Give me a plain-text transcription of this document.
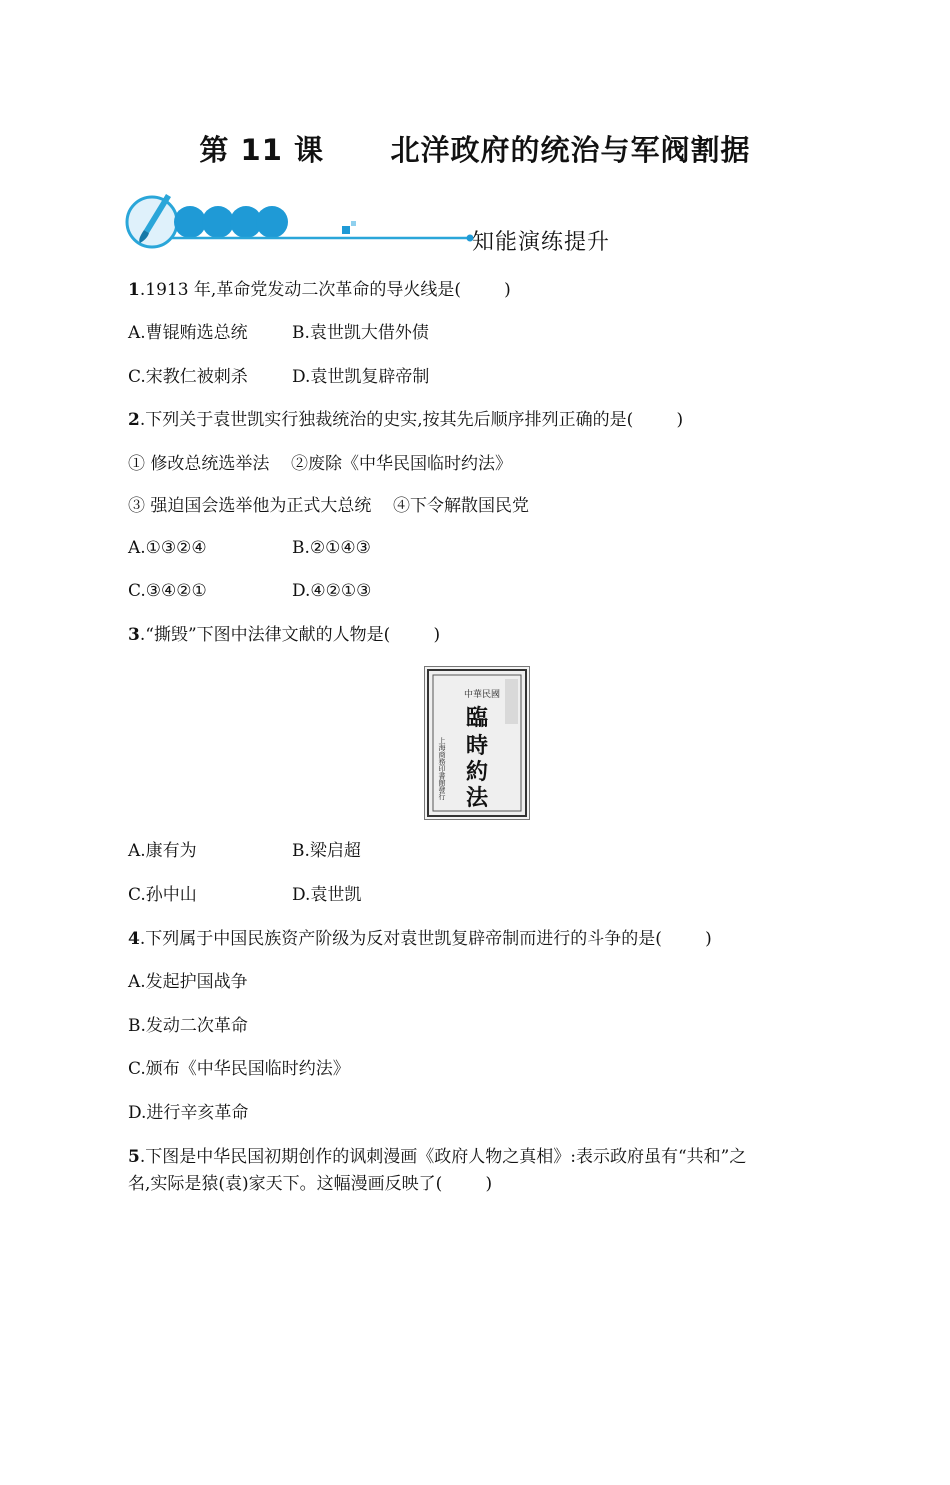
第 11 课      北洋政府的统治与军阀割据
知能演练提升
1.1913 年,革命党发动二次革命的导火线是(        )
A.曹锟贿选总统	B.袁世凯大借外债
C.宋教仁被刺杀	D.袁世凯复辟帝制
2.下列关于袁世凯实行独裁统治的史实,按其先后顺序排列正确的是(        )
① 修改总统选举法    ②废除《中华民国临时约法》
③ 强迫国会选举他为正式大总统    ④下令解散国民党
A.①③②④	B.②①④③
C.③④②①	D.④②①③
3.“撕毁”下图中法律文献的人物是(        )
中華民國
臨
時
約
法
上海商務印書館發行
A.康有为	B.梁启超
C.孙中山	D.袁世凯
4.下列属于中国民族资产阶级为反对袁世凯复辟帝制而进行的斗争的是(        )
A.发起护国战争
B.发动二次革命
C.颁布《中华民国临时约法》
D.进行辛亥革命
5.下图是中华民国初期创作的讽刺漫画《政府人物之真相》:表示政府虽有“共和”之
名,实际是猿(袁)家天下。这幅漫画反映了(        )
